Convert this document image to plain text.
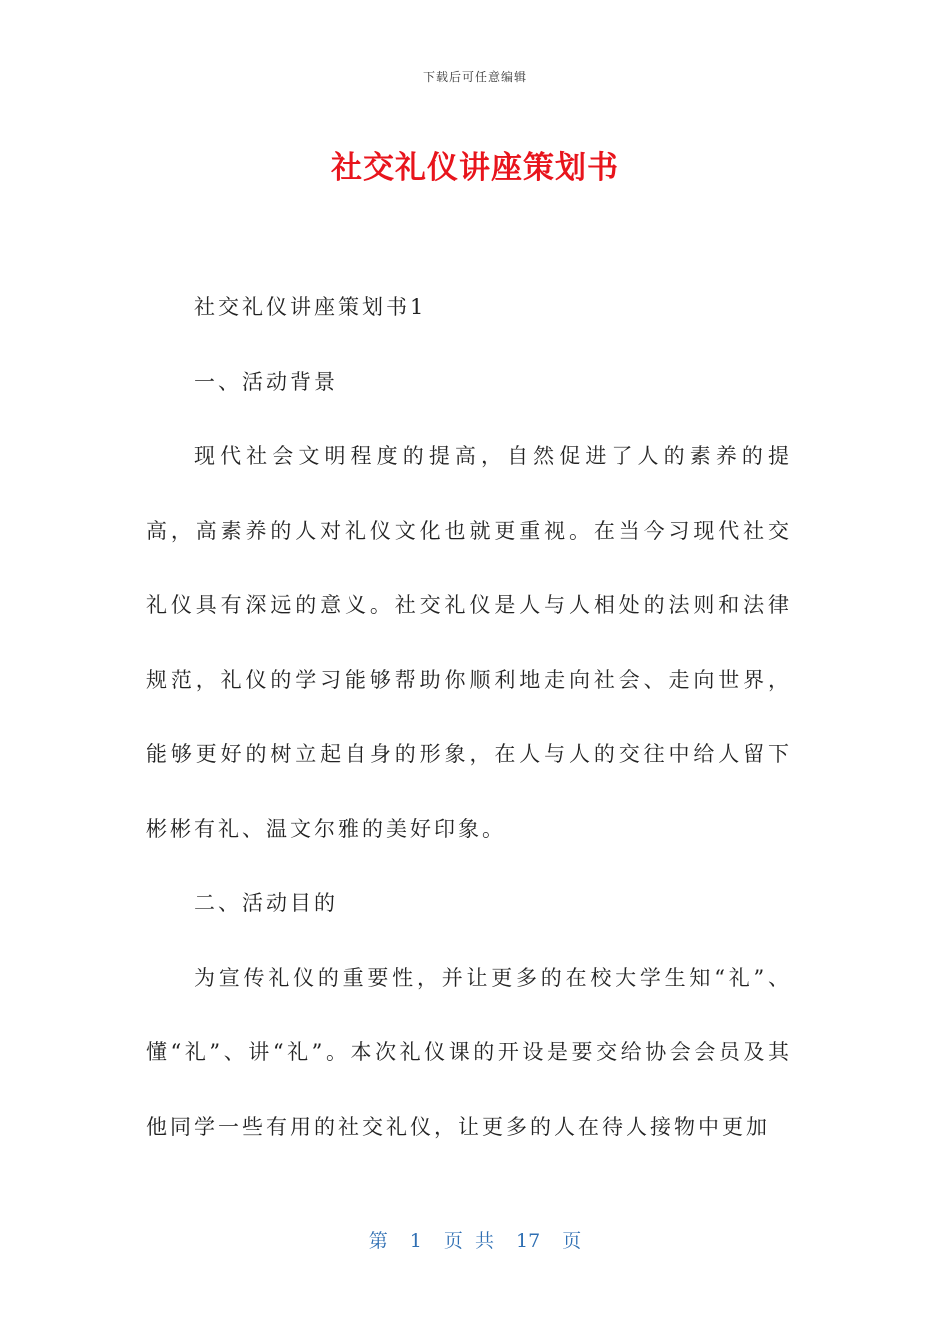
下载后可任意编辑
社交礼仪讲座策划书

社交礼仪讲座策划书1

一、活动背景

现代社会文明程度的提高，自然促进了人的素养的提高，高素养的人对礼仪文化也就更重视。在当今习现代社交礼仪具有深远的意义。社交礼仪是人与人相处的法则和法律规范，礼仪的学习能够帮助你顺利地走向社会、走向世界，能够更好的树立起自身的形象，在人与人的交往中给人留下彬彬有礼、温文尔雅的美好印象。

二、活动目的

为宣传礼仪的重要性，并让更多的在校大学生知“礼”、懂“礼”、讲“礼”。本次礼仪课的开设是要交给协会会员及其他同学一些有用的社交礼仪，让更多的人在待人接物中更加

第 1 页 共 17 页
